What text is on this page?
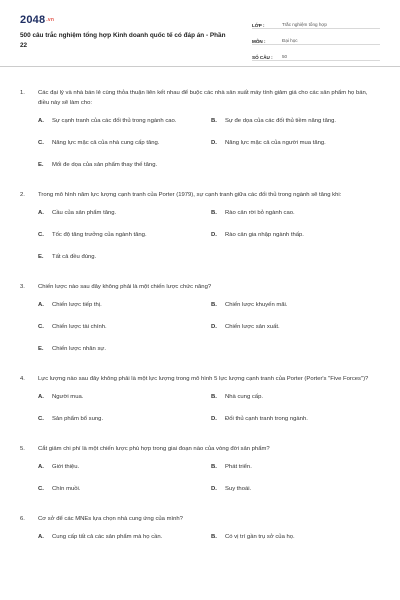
2048.vn
500 câu trắc nghiệm tổng hợp Kinh doanh quốc tế có đáp án - Phần 22
LỚP :	Trắc nghiệm tổng hợp
MÔN :	Đại học
SỐ CÂU :	50
1.	Các đại lý và nhà bán lẻ cùng thỏa thuận liên kết nhau để buộc các nhà sản xuất máy tính giảm giá cho các sản phẩm họ bán, điều này sẽ làm cho:
A.	Sự cạnh tranh của các đối thủ trong ngành cao.	B.	Sự đe dọa của các đối thủ tiềm năng tăng.
C.	Năng lực mặc cả của nhà cung cấp tăng.	D.	Năng lực mặc cả của người mua tăng.
E.	Mối đe dọa của sản phẩm thay thế tăng.
2.	Trong mô hình năm lực lượng cạnh tranh của Porter (1979), sự cạnh tranh giữa các đối thủ trong ngành sẽ tăng khi:
A.	Cầu của sản phẩm tăng.	B.	Rào cản rời bỏ ngành cao.
C.	Tốc độ tăng trưởng của ngành tăng.	D.	Rào cản gia nhập ngành thấp.
E.	Tất cả đều đúng.
3.	Chiến lược nào sau đây không phải là một chiến lược chức năng?
A.	Chiến lược tiếp thị.	B.	Chiến lược khuyến mãi.
C.	Chiến lược tài chính.	D.	Chiến lược sản xuất.
E.	Chiến lược nhân sự.
4.	Lực lượng nào sau đây không phải là một lực lượng trong mô hình 5 lực lượng cạnh tranh của Porter (Porter's "Five Forces")?
A.	Người mua.	B.	Nhà cung cấp.
C.	Sản phẩm bổ sung.	D.	Đối thủ cạnh tranh trong ngành.
5.	Cắt giảm chi phí là một chiến lược phù hợp trong giai đoạn nào của vòng đời sản phẩm?
A.	Giới thiệu.	B.	Phát triển.
C.	Chín muồi.	D.	Suy thoái.
6.	Cơ sở để các MNEs lựa chọn nhà cung ứng của mình?
A.	Cung cấp tất cả các sản phẩm mà họ cần.	B.	Có vị trí gần trụ sở của họ.
